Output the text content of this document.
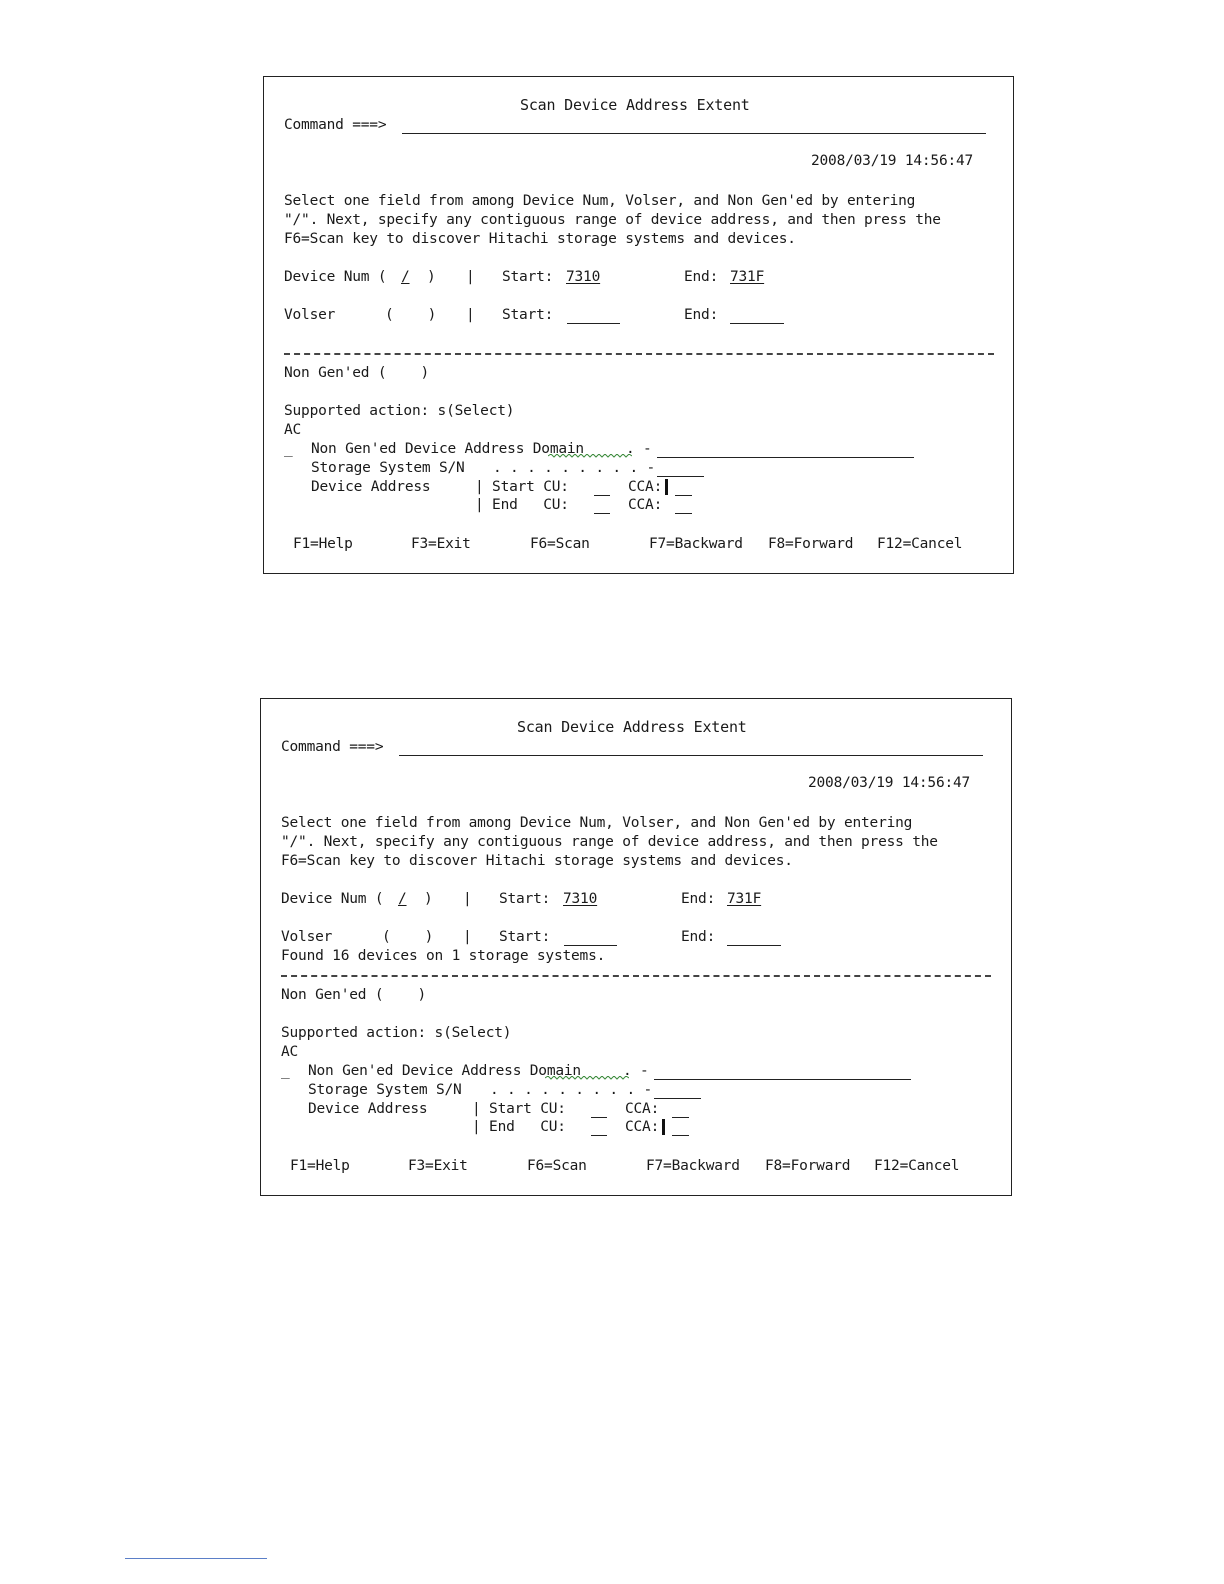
Scan Device Address Extent
Command ===>
2008/03/19 14:56:47
Select one field from among Device Num, Volser, and Non Gen'ed by entering
"/". Next, specify any contiguous range of device address, and then press the
F6=Scan key to discover Hitachi storage systems and devices.
Device Num ( / ) | Start: 7310	End: 731F
Volser	(    ) | Start:	End:
Non Gen'ed (    )
Supported action: s(Select)
AC
_ Non Gen'ed Device Address Domain	. -
Storage System S/N . . . . . . . . . -
Device Address	| Start CU:	CCA:
| End   CU:	CCA:
F1=Help	F3=Exit	F6=Scan	F7=Backward F8=Forward F12=Cancel
Scan Device Address Extent
Command ===>
2008/03/19 14:56:47
Select one field from among Device Num, Volser, and Non Gen'ed by entering
"/". Next, specify any contiguous range of device address, and then press the
F6=Scan key to discover Hitachi storage systems and devices.
Device Num ( / ) | Start: 7310	End: 731F
Volser	(    ) | Start:	End:
Found 16 devices on 1 storage systems.
Non Gen'ed (    )
Supported action: s(Select)
AC
_ Non Gen'ed Device Address Domain	. -
Storage System S/N . . . . . . . . . -
Device Address	| Start CU:	CCA:
| End   CU:	CCA:
F1=Help	F3=Exit	F6=Scan	F7=Backward F8=Forward F12=Cancel
